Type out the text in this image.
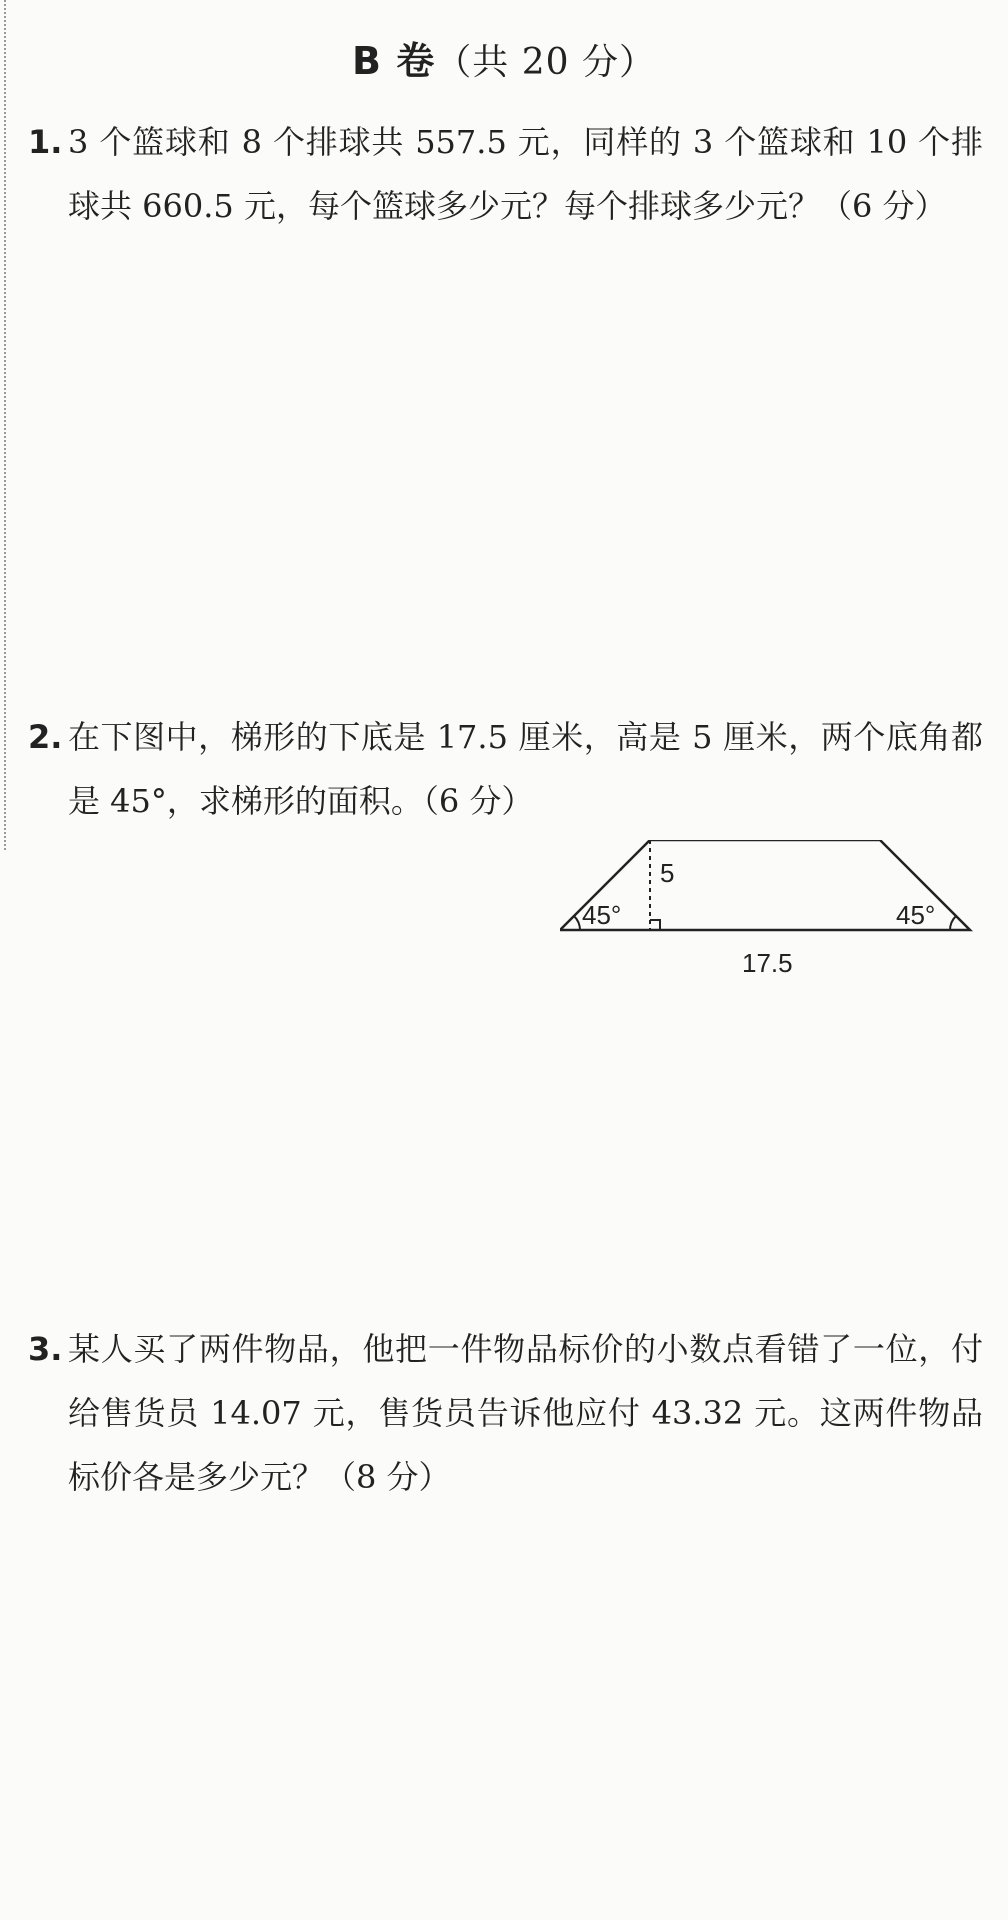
B 卷（共 20 分）
1. 3 个篮球和 8 个排球共 557.5 元，同样的 3 个篮球和 10 个排球共 660.5 元，每个篮球多少元？每个排球多少元？（6 分）
2. 在下图中，梯形的下底是 17.5 厘米，高是 5 厘米，两个底角都是 45°，求梯形的面积。（6 分）
5
45°	45°
17.5
3. 某人买了两件物品，他把一件物品标价的小数点看错了一位，付给售货员 14.07 元，售货员告诉他应付 43.32 元。这两件物品标价各是多少元？（8 分）
